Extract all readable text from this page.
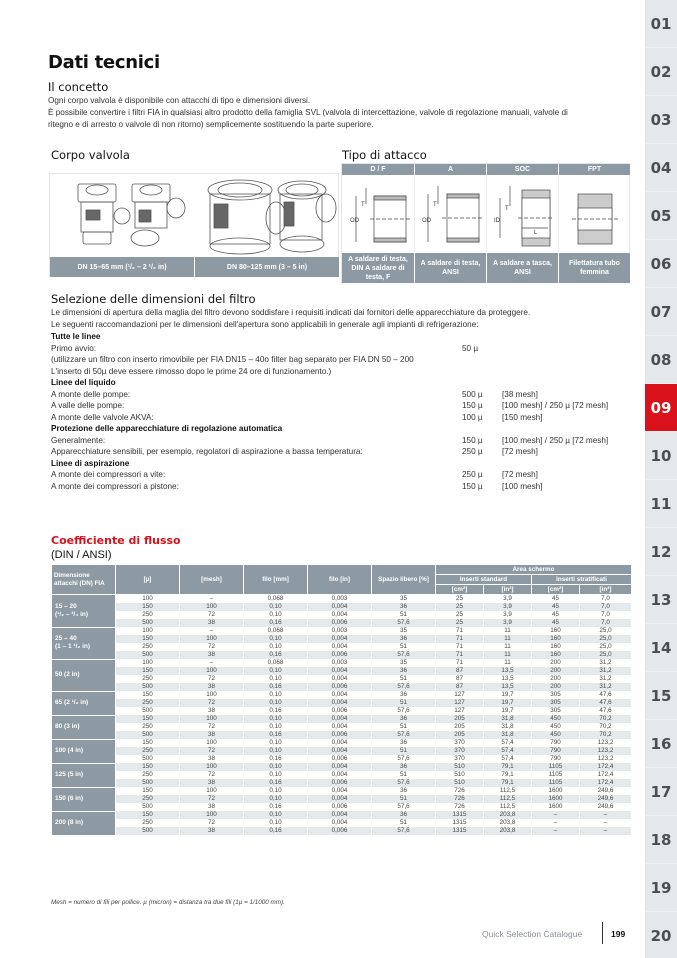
01
02
03
04
05
06
07
08
09
10
11
12
13
14
15
16
17
18
19
20
Dati tecnici
Il concetto
Ogni corpo valvola è disponibile con attacchi di tipo e dimensioni diversi.
È possibile convertire i filtri FIA in qualsiasi altro prodotto della famiglia SVL (valvola di intercettazione, valvole di regolazione manuali, valvole di
ritegno e di arresto o valvole di non ritorno) semplicemente sostituendo la parte superiore.
Corpo valvola
DN 15–65 mm (¹/₂ – 2 ¹/₂ in)	DN 80–125 mm (3 – 5 in)
Tipo di attacco
D / F	A	SOC	FPT
OD
T
OD
T
ID
T
L
A saldare di testa, DIN A saldare di testa, F
A saldare di testa, ANSI
A saldare a tasca, ANSI
Filettatura tubo femmina
Selezione delle dimensioni del filtro
Le dimensioni di apertura della maglia del filtro devono soddisfare i requisiti indicati dai fornitori delle apparecchiature da proteggere.
Le seguenti raccomandazioni per le dimensioni dell'apertura sono applicabili in generale agli impianti di refrigerazione:
Tutte le linee
Primo avvio:	50 µ
(utilizzare un filtro con inserto rimovibile per FIA DN15 – 40o filter bag separato per FIA DN 50 – 200
L'inserto di 50µ deve essere rimosso dopo le prime 24 ore di funzionamento.)
Linee del liquido
A monte delle pompe:	500 µ [38 mesh]
A valle delle pompe:	150 µ [100 mesh] / 250 µ [72 mesh]
A monte delle valvole AKVA:	100 µ [150 mesh]
Protezione delle apparecchiature di regolazione automatica
Generalmente:	150 µ [100 mesh] / 250 µ [72 mesh]
Apparecchiature sensibili, per esempio, regolatori di aspirazione a bassa temperatura:	250 µ [72 mesh]
Linee di aspirazione
A monte dei compressori a vite:	250 µ [72 mesh]
A monte dei compressori a pistone:	150 µ [100 mesh]
Coefficiente di flusso
(DIN / ANSI)
Dimensione attacchi (DN) FIA	[µ]	[mesh]	filo [mm]	filo [in]	Spazio libero [%]	Area schermo			
						Inserti standard		Inserti stratificati	
						[cm²]	[in²]	[cm²]	[in²]
15 – 20
(¹/₂ – ³/₄ in)	100	–	0,068	0,003	35	25	3,9	45	7,0
	150	100	0,10	0,004	36	25	3,9	45	7,0
	250	72	0,10	0,004	51	25	3,9	45	7,0
	500	38	0,16	0,006	57,6	25	3,9	45	7,0
25 – 40
(1 – 1 ¹/₂ in)	100	–	0,068	0,003	35	71	11	160	25,0
	150	100	0,10	0,004	36	71	11	160	25,0
	250	72	0,10	0,004	51	71	11	160	25,0
	500	38	0,16	0,006	57,6	71	11	160	25,0
50 (2 in)	100	–	0,068	0,003	35	71	11	200	31,2
	150	100	0,10	0,004	36	87	13,5	200	31,2
	250	72	0,10	0,004	51	87	13,5	200	31,2
	500	38	0,16	0,006	57,6	87	13,5	200	31,2
65 (2 ¹/₂ in)	150	100	0,10	0,004	36	127	19,7	305	47,6
	250	72	0,10	0,004	51	127	19,7	305	47,6
	500	38	0,16	0,006	57,6	127	19,7	305	47,6
80 (3 in)	150	100	0,10	0,004	36	205	31,8	450	70,2
	250	72	0,10	0,004	51	205	31,8	450	70,2
	500	38	0,16	0,006	57,6	205	31,8	450	70,2
100 (4 in)	150	100	0,10	0,004	36	370	57,4	790	123,2
	250	72	0,10	0,004	51	370	57,4	790	123,2
	500	38	0,16	0,006	57,6	370	57,4	790	123,2
125 (5 in)	150	100	0,10	0,004	36	510	79,1	1105	172,4
	250	72	0,10	0,004	51	510	79,1	1105	172,4
	500	38	0,16	0,006	57,6	510	79,1	1105	172,4
150 (6 in)	150	100	0,10	0,004	36	726	112,5	1600	249,6
	250	72	0,10	0,004	51	726	112,5	1600	249,6
	500	38	0,16	0,006	57,6	726	112,5	1600	249,6
200 (8 in)	150	100	0,10	0,004	36	1315	203,8	–	–
	250	72	0,10	0,004	51	1315	203,8	–	–
	500	38	0,16	0,006	57,6	1315	203,8	–	–
Mesh = numero di fili per pollice. µ (micron) = distanza tra due fili (1µ = 1/1000 mm).
Quick Selection Catalogue	199
